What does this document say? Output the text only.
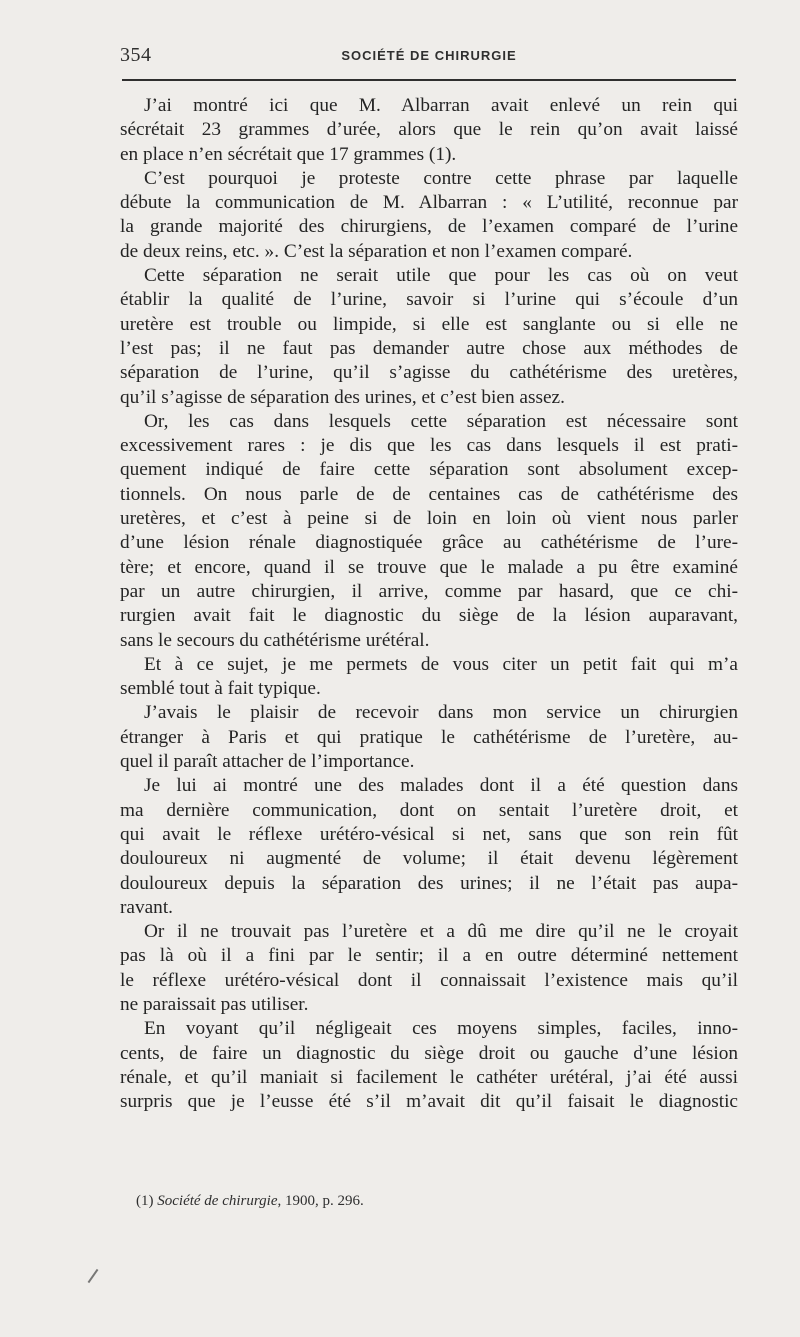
354	SOCIÉTÉ DE CHIRURGIE
J’ai montré ici que M. Albarran avait enlevé un rein qui
sécrétait 23 grammes d’urée, alors que le rein qu’on avait laissé
en place n’en sécrétait que 17 grammes (1).
C’est pourquoi je proteste contre cette phrase par laquelle
débute la communication de M. Albarran : « L’utilité, reconnue par
la grande majorité des chirurgiens, de l’examen comparé de l’urine
de deux reins, etc. ». C’est la séparation et non l’examen comparé.
Cette séparation ne serait utile que pour les cas où on veut
établir la qualité de l’urine, savoir si l’urine qui s’écoule d’un
uretère est trouble ou limpide, si elle est sanglante ou si elle ne
l’est pas; il ne faut pas demander autre chose aux méthodes de
séparation de l’urine, qu’il s’agisse du cathétérisme des uretères,
qu’il s’agisse de séparation des urines, et c’est bien assez.
Or, les cas dans lesquels cette séparation est nécessaire sont
excessivement rares : je dis que les cas dans lesquels il est prati-
quement indiqué de faire cette séparation sont absolument excep-
tionnels. On nous parle de de centaines cas de cathétérisme des
uretères, et c’est à peine si de loin en loin où vient nous parler
d’une lésion rénale diagnostiquée grâce au cathétérisme de l’ure-
tère; et encore, quand il se trouve que le malade a pu être examiné
par un autre chirurgien, il arrive, comme par hasard, que ce chi-
rurgien avait fait le diagnostic du siège de la lésion auparavant,
sans le secours du cathétérisme urétéral.
Et à ce sujet, je me permets de vous citer un petit fait qui m’a
semblé tout à fait typique.
J’avais le plaisir de recevoir dans mon service un chirurgien
étranger à Paris et qui pratique le cathétérisme de l’uretère, au-
quel il paraît attacher de l’importance.
Je lui ai montré une des malades dont il a été question dans
ma dernière communication, dont on sentait l’uretère droit, et
qui avait le réflexe urétéro-vésical si net, sans que son rein fût
douloureux ni augmenté de volume; il était devenu légèrement
douloureux depuis la séparation des urines; il ne l’était pas aupa-
ravant.
Or il ne trouvait pas l’uretère et a dû me dire qu’il ne le croyait
pas là où il a fini par le sentir; il a en outre déterminé nettement
le réflexe urétéro-vésical dont il connaissait l’existence mais qu’il
ne paraissait pas utiliser.
En voyant qu’il négligeait ces moyens simples, faciles, inno-
cents, de faire un diagnostic du siège droit ou gauche d’une lésion
rénale, et qu’il maniait si facilement le cathéter urétéral, j’ai été aussi
surpris que je l’eusse été s’il m’avait dit qu’il faisait le diagnostic
(1) Société de chirurgie, 1900, p. 296.
